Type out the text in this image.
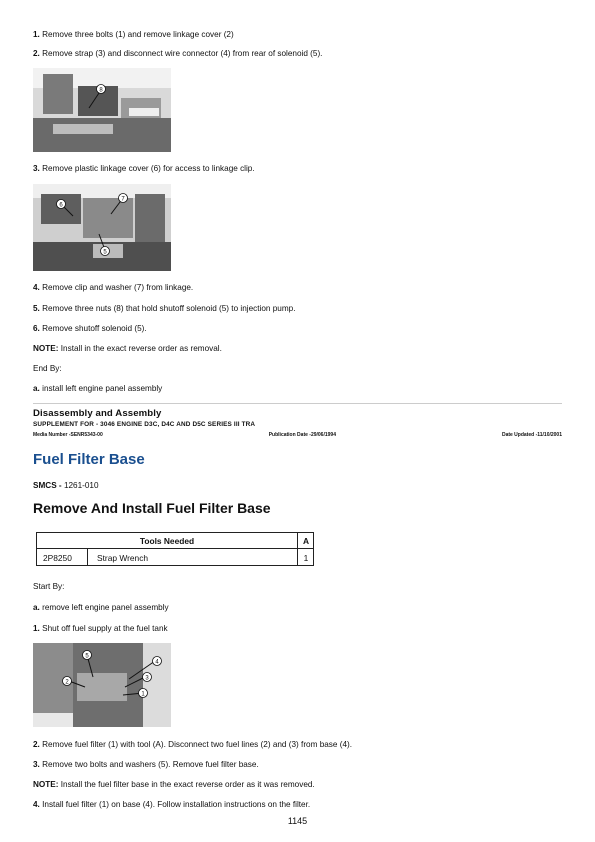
1. Remove three bolts (1) and remove linkage cover (2)
2. Remove strap (3) and disconnect wire connector (4) from rear of solenoid (5).
8
3. Remove plastic linkage cover (6) for access to linkage clip.
6
7
5
4. Remove clip and washer (7) from linkage.
5. Remove three nuts (8) that hold shutoff solenoid (5) to injection pump.
6. Remove shutoff solenoid (5).
NOTE: Install in the exact reverse order as removal.
End By:
a. install left engine panel assembly
Disassembly and Assembly
SUPPLEMENT FOR - 3046 ENGINE D3C, D4C AND D5C SERIES III TRA
Media Number -SENR5343-00	Publication Date -29/06/1994	Date Updated -11/10/2001
Fuel Filter Base
SMCS - 1261-010
Remove And Install Fuel Filter Base
Tools Needed	A
2P8250	Strap Wrench	1
Start By:
a. remove left engine panel assembly
1. Shut off fuel supply at the fuel tank
5
4
2
3
1
2. Remove fuel filter (1) with tool (A). Disconnect two fuel lines (2) and (3) from base (4).
3. Remove two bolts and washers (5). Remove fuel filter base.
NOTE: Install the fuel filter base in the exact reverse order as it was removed.
4. Install fuel filter (1) on base (4). Follow installation instructions on the filter.
1145
